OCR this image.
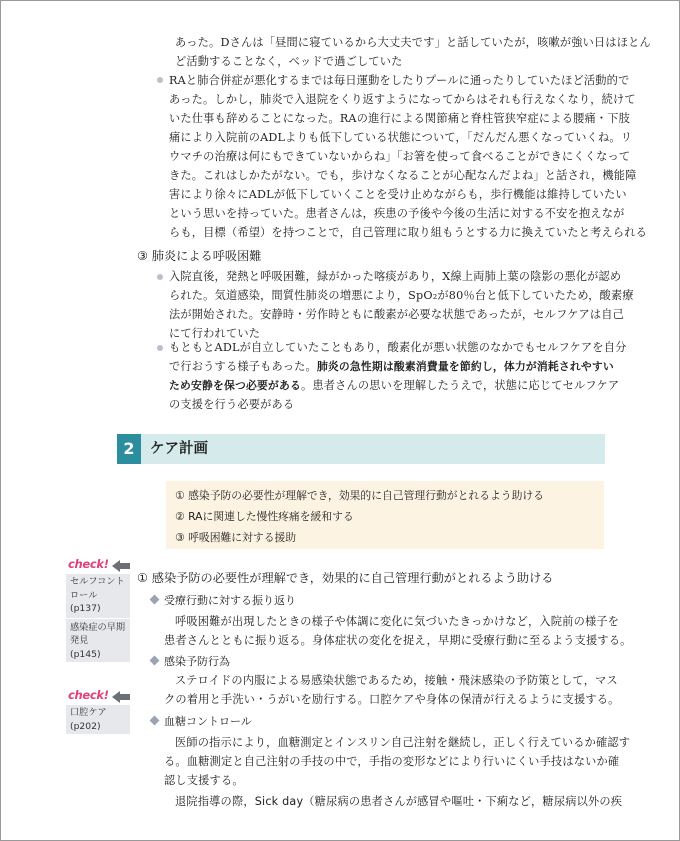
あった。Dさんは「昼間に寝ているから大丈夫です」と話していたが，咳嗽が強い日はほとん
ど活動することなく，ベッドで過ごしていた
RAと肺合併症が悪化するまでは毎日運動をしたりプールに通ったりしていたほど活動的で
あった。しかし，肺炎で入退院をくり返すようになってからはそれも行えなくなり，続けて
いた仕事も辞めることになった。RAの進行による関節痛と脊柱管狭窄症による腰痛・下肢
痛により入院前のADLよりも低下している状態について，「だんだん悪くなっていくね。リ
ウマチの治療は何にもできていないからね」「お箸を使って食べることができにくくなって
きた。これはしかたがない。でも，歩けなくなることが心配なんだよね」と話され，機能障
害により徐々にADLが低下していくことを受け止めながらも，歩行機能は維持していたい
という思いを持っていた。患者さんは，疾患の予後や今後の生活に対する不安を抱えなが
らも，目標（希望）を持つことで，自己管理に取り組もうとする力に換えていたと考えられる
③ 肺炎による呼吸困難
入院直後，発熱と呼吸困難，緑がかった喀痰があり，X線上両肺上葉の陰影の悪化が認め
られた。気道感染，間質性肺炎の増悪により，SpO₂が80％台と低下していたため，酸素療
法が開始された。安静時・労作時ともに酸素が必要な状態であったが，セルフケアは自己
にて行われていた
もともとADLが自立していたこともあり，酸素化が悪い状態のなかでもセルフケアを自分
で行おうする様子もあった。肺炎の急性期は酸素消費量を節約し，体力が消耗されやすい
ため安静を保つ必要がある。患者さんの思いを理解したうえで，状態に応じてセルフケア
の支援を行う必要がある
2	ケア計画
① 感染予防の必要性が理解でき，効果的に自己管理行動がとれるよう助ける
② RAに関連した慢性疼痛を緩和する
③ 呼吸困難に対する援助
check!
セルフコント
ロール
(p137)
感染症の早期
発見
(p145)
check!
口腔ケア
(p202)
① 感染予防の必要性が理解でき，効果的に自己管理行動がとれるよう助ける
受療行動に対する振り返り
呼吸困難が出現したときの様子や体調に変化に気づいたきっかけなど，入院前の様子を
患者さんとともに振り返る。身体症状の変化を捉え，早期に受療行動に至るよう支援する。
感染予防行為
ステロイドの内服による易感染状態であるため，接触・飛沫感染の予防策として，マス
クの着用と手洗い・うがいを励行する。口腔ケアや身体の保清が行えるように支援する。
血糖コントロール
医師の指示により，血糖測定とインスリン自己注射を継続し，正しく行えているか確認す
る。血糖測定と自己注射の手技の中で，手指の変形などにより行いにくい手技はないか確
認し支援する。
退院指導の際，Sick day（糖尿病の患者さんが感冒や嘔吐・下痢など，糖尿病以外の疾
